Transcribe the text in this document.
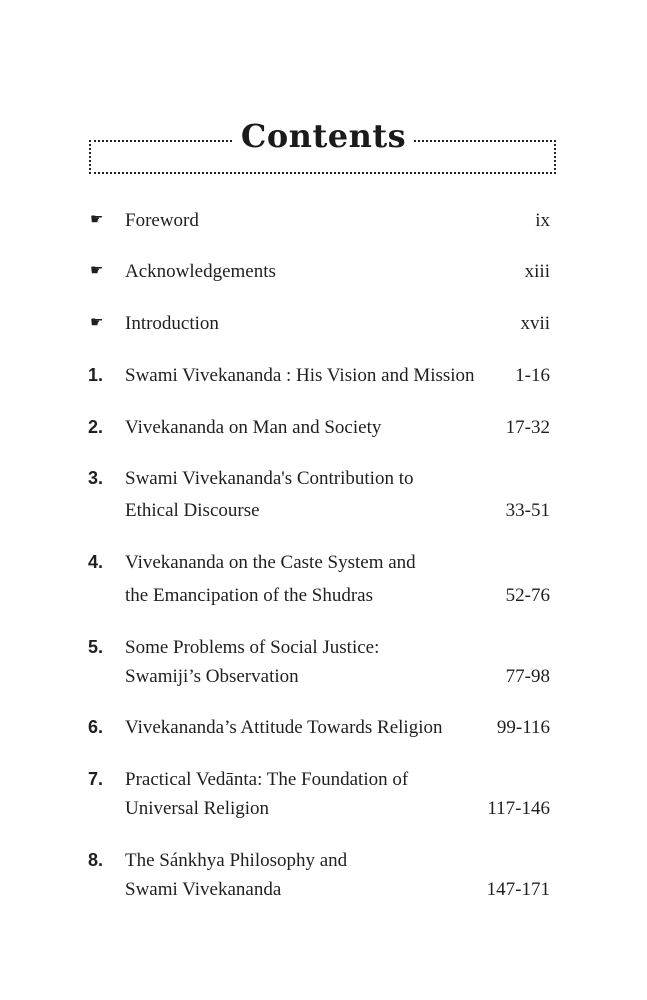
Contents
☛ Foreword	ix
☛ Acknowledgements	xiii
☛ Introduction	xvii
1. Swami Vivekananda : His Vision and Mission 1-16
2. Vivekananda on Man and Society	17-32
3. Swami Vivekananda's Contribution to
Ethical Discourse	33-51
4. Vivekananda on the Caste System and
the Emancipation of the Shudras	52-76
5. Some Problems of Social Justice:
Swamiji’s Observation	77-98
6. Vivekananda’s Attitude Towards Religion	99-116
7. Practical Vedānta: The Foundation of
Universal Religion	117-146
8. The Sánkhya Philosophy and
Swami Vivekananda	147-171
